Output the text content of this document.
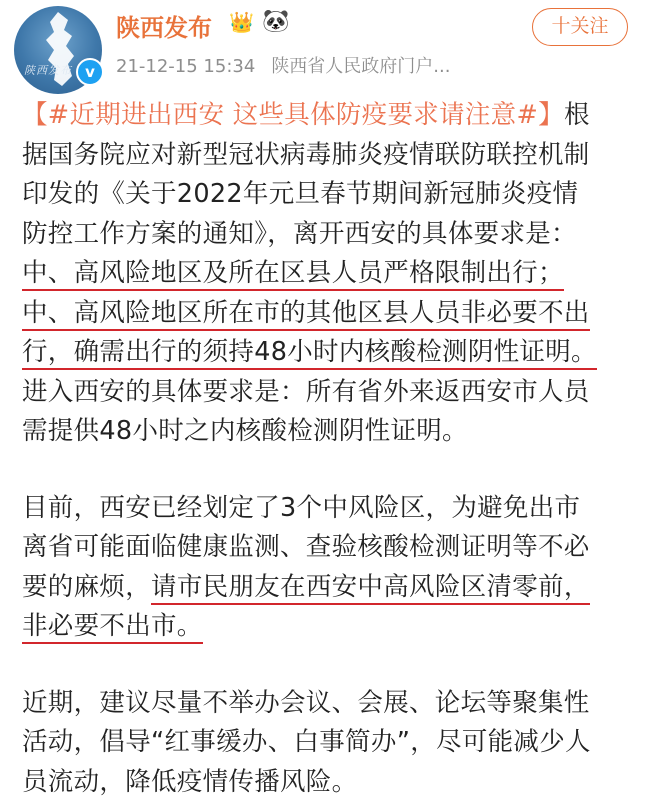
陕西发布 v
陕西发布 👑 🐼
21-12-15 15:34 陕西省人民政府门户...
十关注
【#近期进出西安 这些具体防疫要求请注意#】根
据国务院应对新型冠状病毒肺炎疫情联防联控机制
印发的《关于2022年元旦春节期间新冠肺炎疫情
防控工作方案的通知》，离开西安的具体要求是：
中、高风险地区及所在区县人员严格限制出行；
中、高风险地区所在市的其他区县人员非必要不出
行，确需出行的须持48小时内核酸检测阴性证明。
进入西安的具体要求是：所有省外来返西安市人员
需提供48小时之内核酸检测阴性证明。
目前，西安已经划定了3个中风险区，为避免出市
离省可能面临健康监测、查验核酸检测证明等不必
要的麻烦，请市民朋友在西安中高风险区清零前，
非必要不出市。
近期，建议尽量不举办会议、会展、论坛等聚集性
活动，倡导“红事缓办、白事简办”，尽可能减少人
员流动，降低疫情传播风险。
